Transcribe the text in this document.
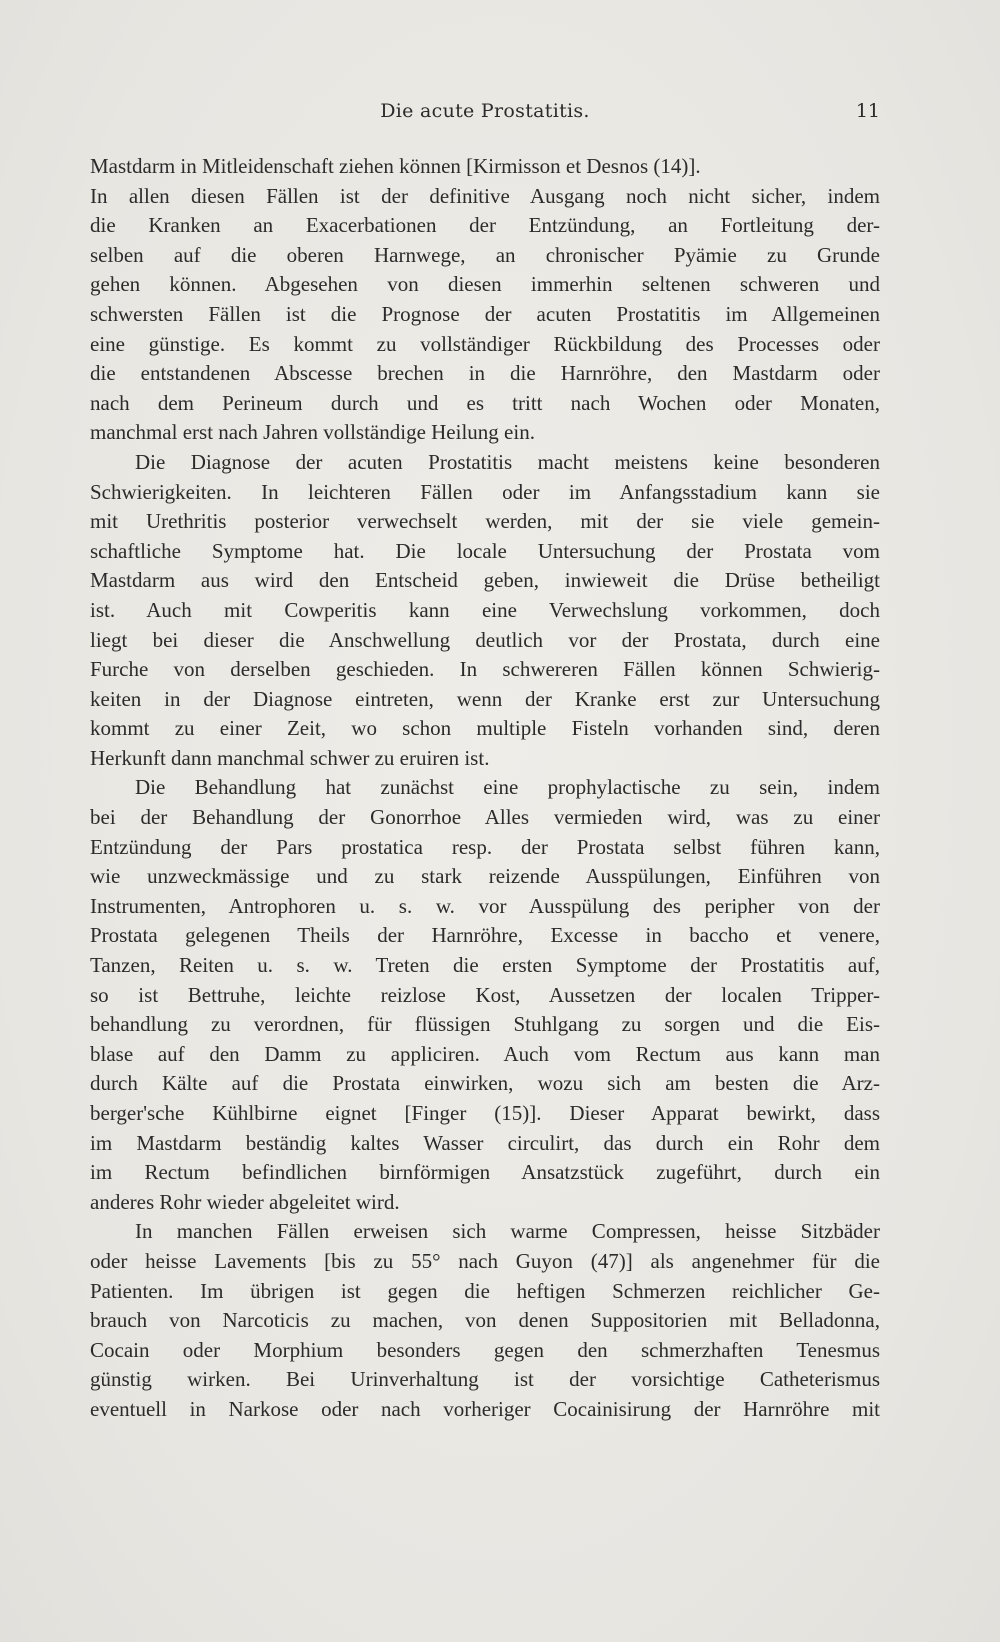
Die acute Prostatitis.	11
Mastdarm in Mitleidenschaft ziehen können [Kirmisson et Desnos (14)].
In allen diesen Fällen ist der definitive Ausgang noch nicht sicher, indem
die Kranken an Exacerbationen der Entzündung, an Fortleitung der-
selben auf die oberen Harnwege, an chronischer Pyämie zu Grunde
gehen können. Abgesehen von diesen immerhin seltenen schweren und
schwersten Fällen ist die Prognose der acuten Prostatitis im Allgemeinen
eine günstige. Es kommt zu vollständiger Rückbildung des Processes oder
die entstandenen Abscesse brechen in die Harnröhre, den Mastdarm oder
nach dem Perineum durch und es tritt nach Wochen oder Monaten,
manchmal erst nach Jahren vollständige Heilung ein.
Die Diagnose der acuten Prostatitis macht meistens keine besonderen
Schwierigkeiten. In leichteren Fällen oder im Anfangsstadium kann sie
mit Urethritis posterior verwechselt werden, mit der sie viele gemein-
schaftliche Symptome hat. Die locale Untersuchung der Prostata vom
Mastdarm aus wird den Entscheid geben, inwieweit die Drüse betheiligt
ist. Auch mit Cowperitis kann eine Verwechslung vorkommen, doch
liegt bei dieser die Anschwellung deutlich vor der Prostata, durch eine
Furche von derselben geschieden. In schwereren Fällen können Schwierig-
keiten in der Diagnose eintreten, wenn der Kranke erst zur Untersuchung
kommt zu einer Zeit, wo schon multiple Fisteln vorhanden sind, deren
Herkunft dann manchmal schwer zu eruiren ist.
Die Behandlung hat zunächst eine prophylactische zu sein, indem
bei der Behandlung der Gonorrhoe Alles vermieden wird, was zu einer
Entzündung der Pars prostatica resp. der Prostata selbst führen kann,
wie unzweckmässige und zu stark reizende Ausspülungen, Einführen von
Instrumenten, Antrophoren u. s. w. vor Ausspülung des peripher von der
Prostata gelegenen Theils der Harnröhre, Excesse in baccho et venere,
Tanzen, Reiten u. s. w. Treten die ersten Symptome der Prostatitis auf,
so ist Bettruhe, leichte reizlose Kost, Aussetzen der localen Tripper-
behandlung zu verordnen, für flüssigen Stuhlgang zu sorgen und die Eis-
blase auf den Damm zu appliciren. Auch vom Rectum aus kann man
durch Kälte auf die Prostata einwirken, wozu sich am besten die Arz-
berger'sche Kühlbirne eignet [Finger (15)]. Dieser Apparat bewirkt, dass
im Mastdarm beständig kaltes Wasser circulirt, das durch ein Rohr dem
im Rectum befindlichen birnförmigen Ansatzstück zugeführt, durch ein
anderes Rohr wieder abgeleitet wird.
In manchen Fällen erweisen sich warme Compressen, heisse Sitzbäder
oder heisse Lavements [bis zu 55° nach Guyon (47)] als angenehmer für die
Patienten. Im übrigen ist gegen die heftigen Schmerzen reichlicher Ge-
brauch von Narcoticis zu machen, von denen Suppositorien mit Belladonna,
Cocain oder Morphium besonders gegen den schmerzhaften Tenesmus
günstig wirken. Bei Urinverhaltung ist der vorsichtige Catheterismus
eventuell in Narkose oder nach vorheriger Cocainisirung der Harnröhre mit
